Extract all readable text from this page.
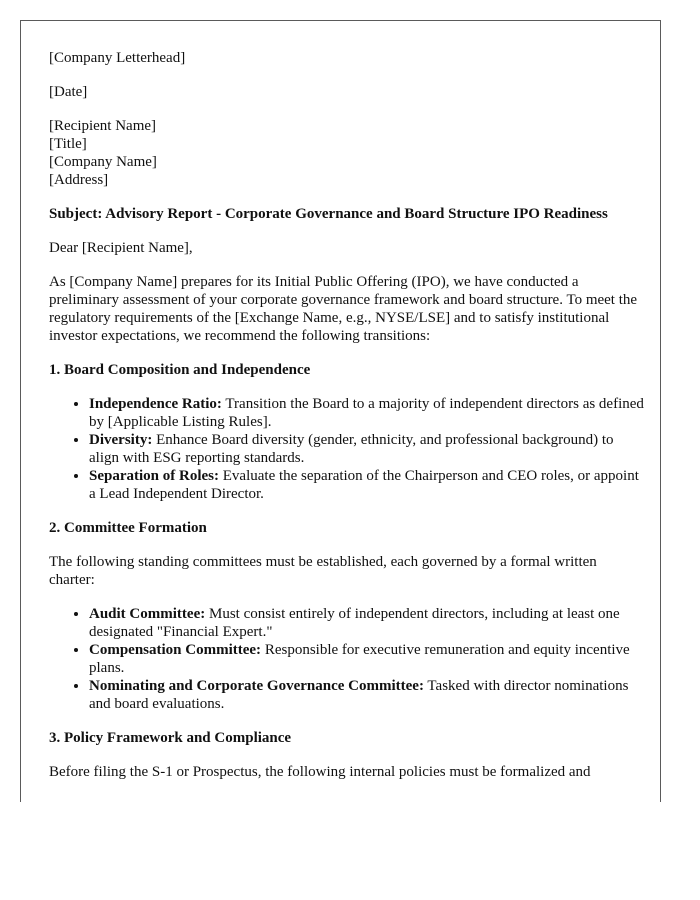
[Company Letterhead]

[Date]

[Recipient Name]
[Title]
[Company Name]
[Address]

Subject: Advisory Report - Corporate Governance and Board Structure IPO Readiness

Dear [Recipient Name],

As [Company Name] prepares for its Initial Public Offering (IPO), we have conducted a preliminary assessment of your corporate governance framework and board structure. To meet the regulatory requirements of the [Exchange Name, e.g., NYSE/LSE] and to satisfy institutional investor expectations, we recommend the following transitions:

1. Board Composition and Independence
• Independence Ratio: Transition the Board to a majority of independent directors as defined by [Applicable Listing Rules].
• Diversity: Enhance Board diversity (gender, ethnicity, and professional background) to align with ESG reporting standards.
• Separation of Roles: Evaluate the separation of the Chairperson and CEO roles, or appoint a Lead Independent Director.
2. Committee Formation

The following standing committees must be established, each governed by a formal written charter:

• Audit Committee: Must consist entirely of independent directors, including at least one designated "Financial Expert."
• Compensation Committee: Responsible for executive remuneration and equity incentive plans.
• Nominating and Corporate Governance Committee: Tasked with director nominations and board evaluations.
3. Policy Framework and Compliance

Before filing the S-1 or Prospectus, the following internal policies must be formalized and
